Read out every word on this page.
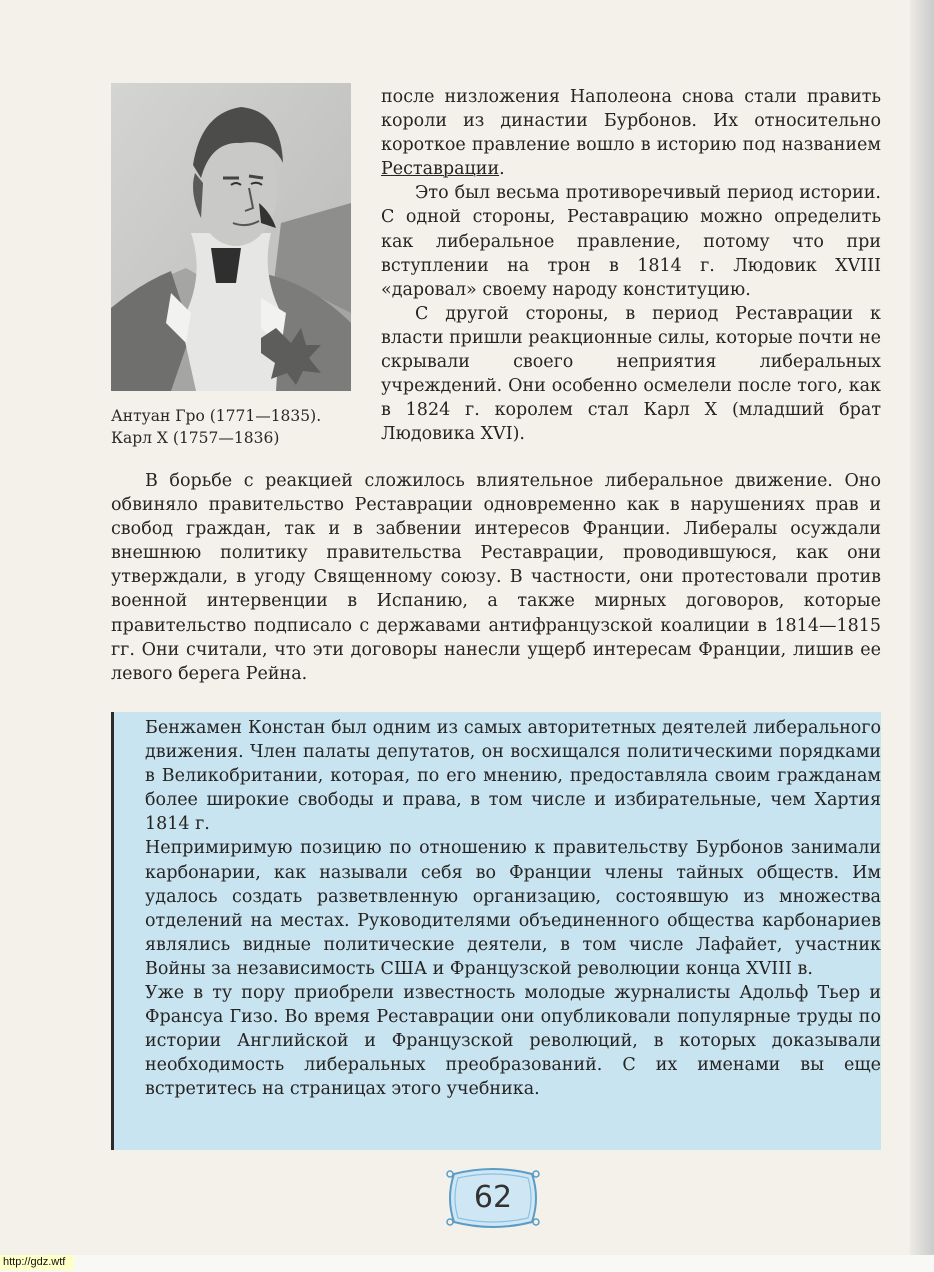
Антуан Гро (1771—1835).
Карл X (1757—1836)

после низложения Наполеона снова стали править короли из династии Бурбонов. Их относительно короткое правление вошло в историю под названием Реставрации.

Это был весьма противоречивый период истории. С одной стороны, Реставрацию можно определить как либеральное правление, потому что при вступлении на трон в 1814 г. Людовик XVIII «даровал» своему народу конституцию.

С другой стороны, в период Реставрации к власти пришли реакционные силы, которые почти не скрывали своего неприятия либеральных учреждений. Они особенно осмелели после того, как в 1824 г. королем стал Карл X (младший брат Людовика XVI).

В борьбе с реакцией сложилось влиятельное либеральное движение. Оно обвиняло правительство Реставрации одновременно как в нарушениях прав и свобод граждан, так и в забвении интересов Франции. Либералы осуждали внешнюю политику правительства Реставрации, проводившуюся, как они утверждали, в угоду Священному союзу. В частности, они протестовали против военной интервенции в Испанию, а также мирных договоров, которые правительство подписало с державами антифранцузской коалиции в 1814—1815 гг. Они считали, что эти договоры нанесли ущерб интересам Франции, лишив ее левого берега Рейна.

Бенжамен Констан был одним из самых авторитетных деятелей либерального движения. Член палаты депутатов, он восхищался политическими порядками в Великобритании, которая, по его мнению, предоставляла своим гражданам более широкие свободы и права, в том числе и избирательные, чем Хартия 1814 г.

Непримиримую позицию по отношению к правительству Бурбонов занимали карбонарии, как называли себя во Франции члены тайных обществ. Им удалось создать разветвленную организацию, состоявшую из множества отделений на местах. Руководителями объединенного общества карбонариев являлись видные политические деятели, в том числе Лафайет, участник Войны за независимость США и Французской революции конца XVIII в.

Уже в ту пору приобрели известность молодые журналисты Адольф Тьер и Франсуа Гизо. Во время Реставрации они опубликовали популярные труды по истории Английской и Французской революций, в которых доказывали необходимость либеральных преобразований. С их именами вы еще встретитесь на страницах этого учебника.

62
http://gdz.wtf
